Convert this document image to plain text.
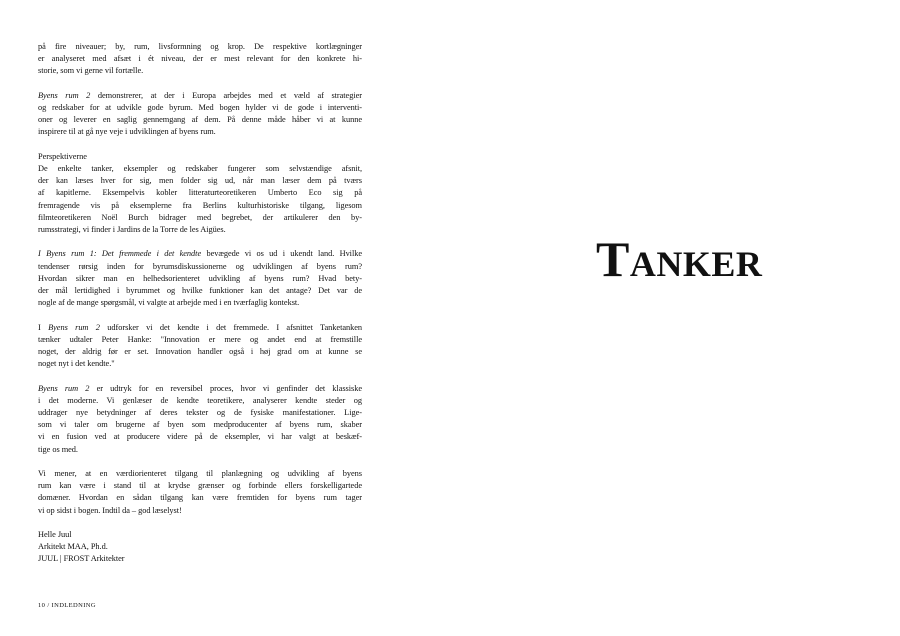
på fire niveauer; by, rum, livsformning og krop. De respektive kortlægninger
er analyseret med afsæt i ét niveau, der er mest relevant for den konkrete hi-
storie, som vi gerne vil fortælle.
Byens rum 2 demonstrerer, at der i Europa arbejdes med et væld af strategier
og redskaber for at udvikle gode byrum. Med bogen hylder vi de gode i interventi-
oner og leverer en saglig gennemgang af dem. På denne måde håber vi at kunne
inspirere til at gå nye veje i udviklingen af byens rum.
Perspektiverne
De enkelte tanker, eksempler og redskaber fungerer som selvstændige afsnit,
der kan læses hver for sig, men folder sig ud, når man læser dem på tværs
af kapitlerne. Eksempelvis kobler litteraturteoretikeren Umberto Eco sig på
fremragende vis på eksemplerne fra Berlins kulturhistoriske tilgang, ligesom
filmteoretikeren Noël Burch bidrager med begrebet, der artikulerer den by-
rumsstrategi, vi finder i Jardins de la Torre de les Aigües.
I Byens rum 1: Det fremmede i det kendte bevægede vi os ud i ukendt land. Hvilke
tendenser rørsig inden for byrumsdiskussionerne og udviklingen af byens rum?
Hvordan sikrer man en helhedsorienteret udvikling af byens rum? Hvad bety-
der mål lertidighed i byrummet og hvilke funktioner kan det antage? Det var de
nogle af de mange spørgsmål, vi valgte at arbejde med i en tværfaglig kontekst.
I Byens rum 2 udforsker vi det kendte i det fremmede. I afsnittet Tanketanken
tænker udtaler Peter Hanke: "Innovation er mere og andet end at fremstille
noget, der aldrig før er set. Innovation handler også i høj grad om at kunne se
noget nyt i det kendte."
Byens rum 2 er udtryk for en reversibel proces, hvor vi genfinder det klassiske
i det moderne. Vi genlæser de kendte teoretikere, analyserer kendte steder og
uddrager nye betydninger af deres tekster og de fysiske manifestationer. Lige-
som vi taler om brugerne af byen som medproducenter af byens rum, skaber
vi en fusion ved at producere videre på de eksempler, vi har valgt at beskæf-
tige os med.
Vi mener, at en værdiorienteret tilgang til planlægning og udvikling af byens
rum kan være i stand til at krydse grænser og forbinde ellers forskelligartede
domæner. Hvordan en sådan tilgang kan være fremtiden for byens rum tager
vi op sidst i bogen. Indtil da – god læselyst!
Helle Juul
Arkitekt MAA, Ph.d.
JUUL | FROST Arkitekter
10 / INDLEDNING
TANKER
